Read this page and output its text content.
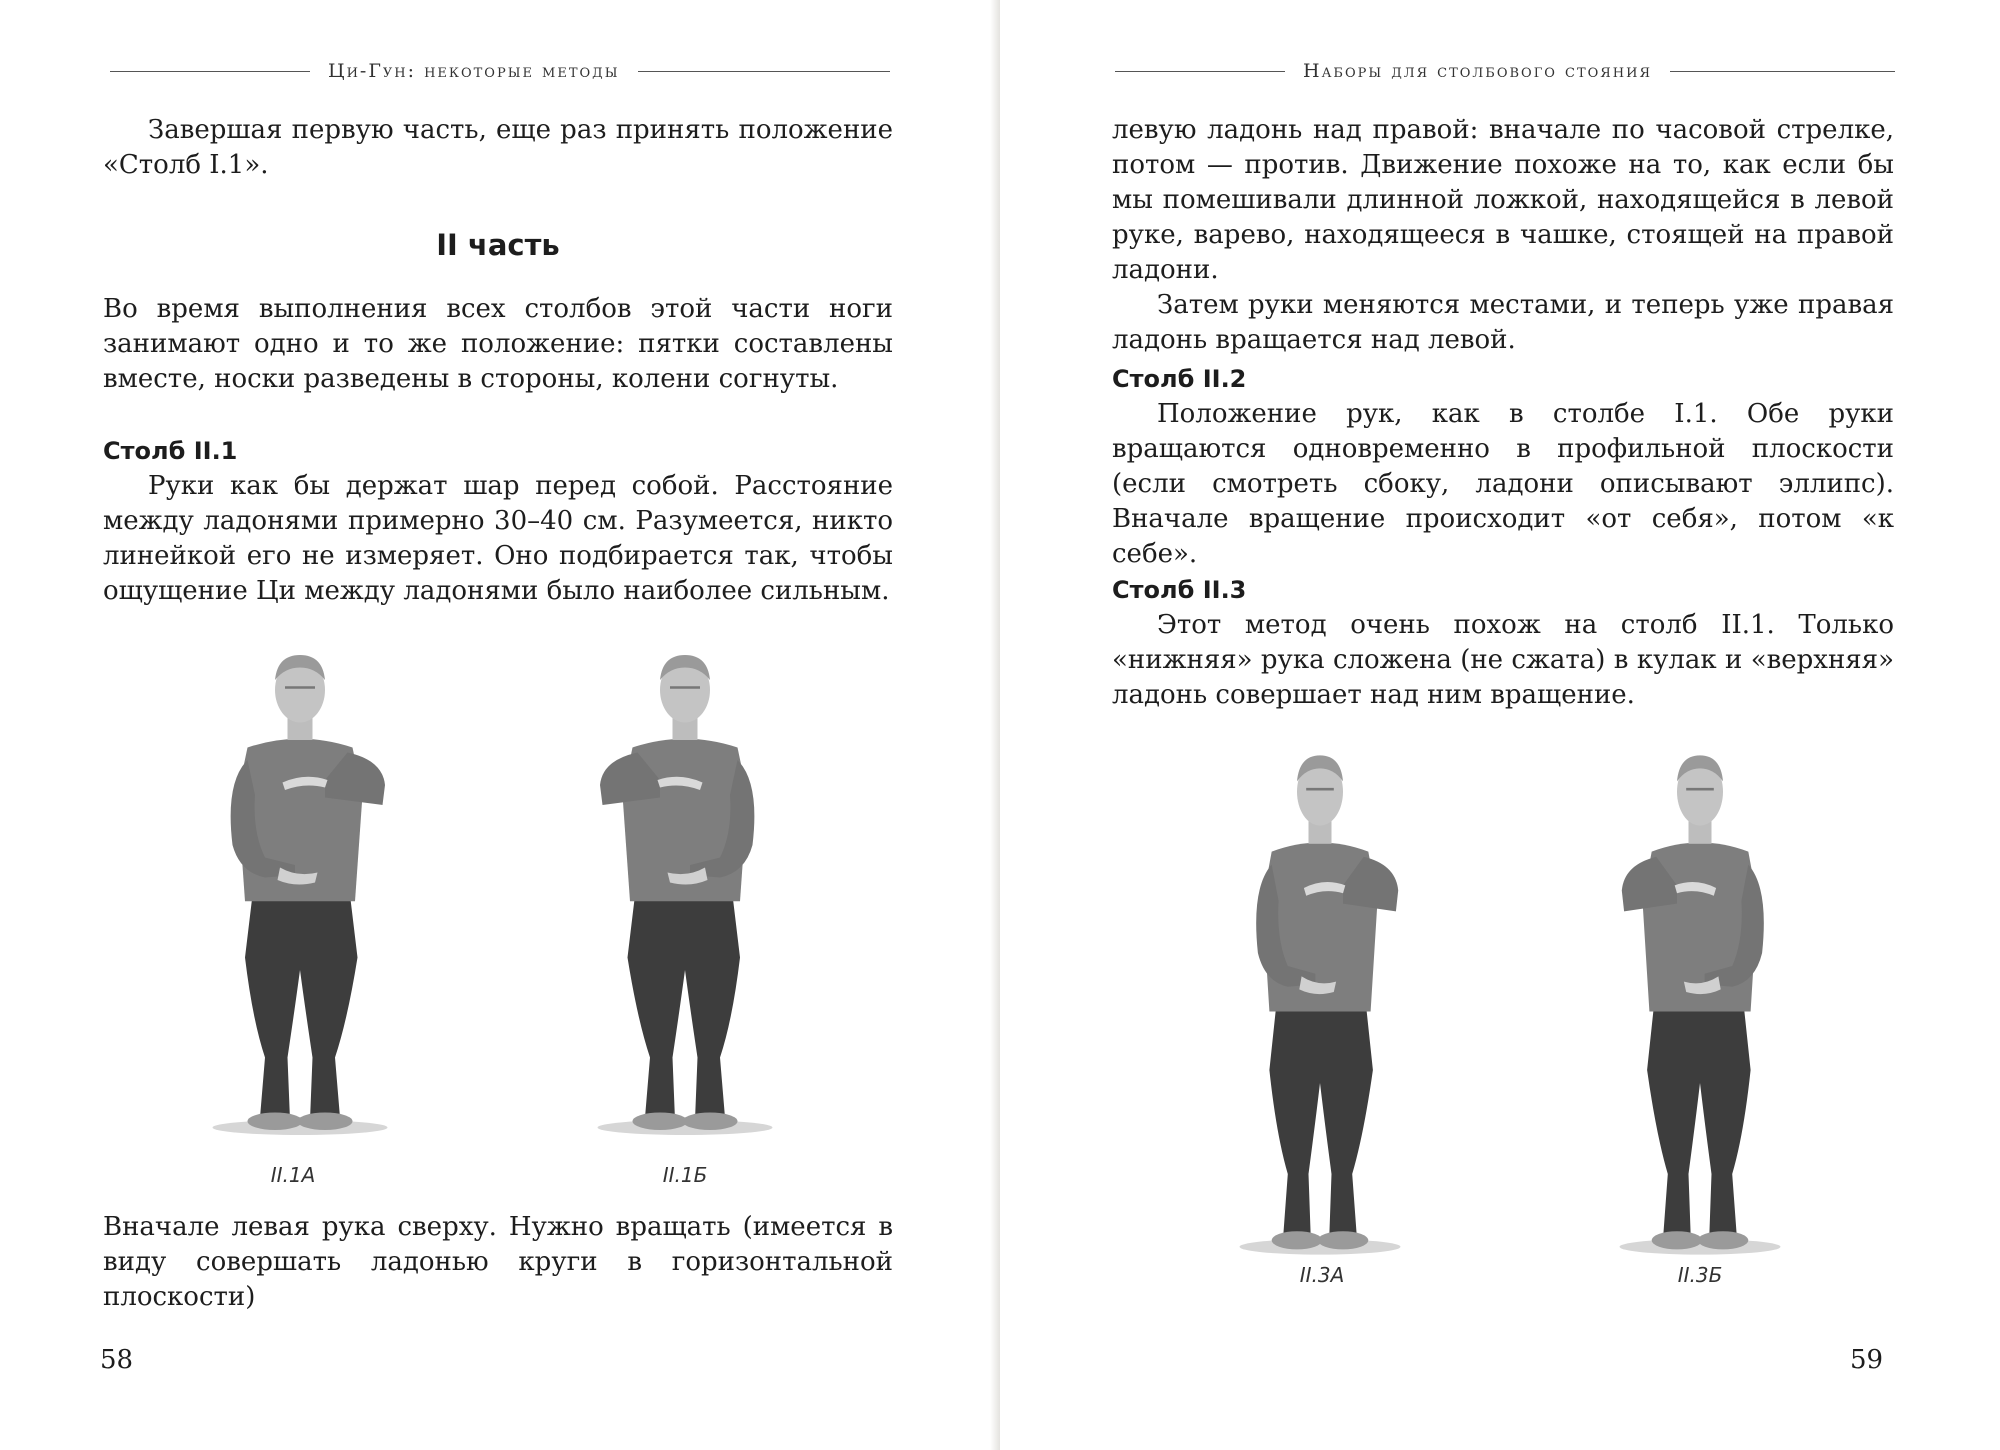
Ци-Гун: некоторые методы

Завершая первую часть, еще раз принять положение «Столб I.1».

II часть

Во время выполнения всех столбов этой части ноги занимают одно и то же положение: пятки составлены вместе, носки разведены в стороны, колени согнуты.

Столб II.1

Руки как бы держат шар перед собой. Расстояние между ладонями примерно 30–40 см. Разумеется, никто линейкой его не измеряет. Оно подбирается так, чтобы ощущение Ци между ладонями было наиболее сильным.

II.1А	II.1Б

Вначале левая рука сверху. Нужно вращать (имеется в виду совершать ладонью круги в горизонтальной плоскости)

58
Наборы для столбового стояния

левую ладонь над правой: вначале по часовой стрелке, потом — против. Движение похоже на то, как если бы мы помешивали длинной ложкой, находящейся в левой руке, варево, находящееся в чашке, стоящей на правой ладони.

Затем руки меняются местами, и теперь уже правая ладонь вращается над левой.

Столб II.2

Положение рук, как в столбе I.1. Обе руки вращаются одновременно в профильной плоскости (если смотреть сбоку, ладони описывают эллипс). Вначале вращение происходит «от себя», потом «к себе».

Столб II.3

Этот метод очень похож на столб II.1. Только «нижняя» рука сложена (не сжата) в кулак и «верхняя» ладонь совершает над ним вращение.

II.3А	II.3Б
59
